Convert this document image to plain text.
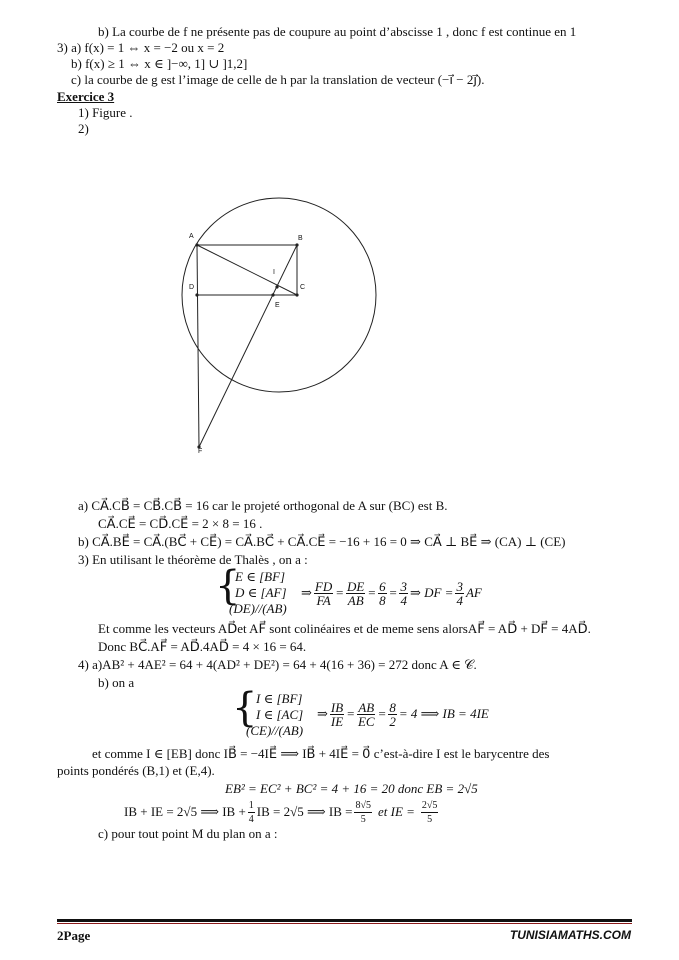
b) La courbe de f ne présente pas de coupure au point d’abscisse 1 , donc f est continue en 1
3) a) f(x) = 1 ⇔ x = −2 ou x = 2
b) f(x) ≥ 1 ⇔ x ∈ ]−∞, 1] ∪ ]1,2]
c) la courbe de g est l’image de celle de h par la translation de vecteur (−ı⃗ − 2ȷ⃗).
Exercice 3
1) Figure .
2)
A	B
C
D
I
E
F
a) CA⃗.CB⃗ = CB⃗.CB⃗ = 16 car le projeté orthogonal de A sur (BC) est B.
CA⃗.CE⃗ = CD⃗.CE⃗ = 2 × 8 = 16 .
b) CA⃗.BE⃗ = CA⃗.(BC⃗ + CE⃗) = CA⃗.BC⃗ + CA⃗.CE⃗ = −16 + 16 = 0 ⇒ CA⃗ ⊥ BE⃗ ⇒ (CA) ⊥ (CE)
3) En utilisant le théorème de Thalès , on a :
{
E ∈ [BF]
D ∈ [AF]
(DE)//(AB)
⇒ $\frac{FD}{FA} = \frac{DE}{AB} = \frac{6}{8} = \frac{3}{4}$ ⇒ DF = $\frac{3}{4}$ AF
Et comme les vecteurs AD⃗et AF⃗ sont colinéaires et de meme sens alorsAF⃗ = AD⃗ + DF⃗ = 4AD⃗.
Donc BC⃗.AF⃗ = AD⃗.4AD⃗ = 4 × 16 = 64.
4) a)AB² + 4AE² = 64 + 4(AD² + DE²) = 64 + 4(16 + 36) = 272 donc A ∈ 𝒞.
b) on a
{
I ∈ [BF]
I ∈ [AC]
(CE)//(AB)
⇒ $\frac{IB}{IE} = \frac{AB}{EC} = \frac{8}{2} = 4$ ⟹ IB = 4IE
et comme I ∈ [EB] donc IB⃗ = −4IE⃗ ⟹ IB⃗ + 4IE⃗ = 0⃗ c’est-à-dire I est le barycentre des
points pondérés (B,1) et (E,4).
EB² = EC² + BC² = 4 + 16 = 20 donc EB = 2√5
IB + IE = 2√5 ⟹ IB + $\frac{1}{4}$ IB = 2√5 ⟹ IB = $\frac{8√5}{5}$ et IE = $\frac{2√5}{5}$
c) pour tout point M du plan on a :
2Page	TUNISIAMATHS.COM
